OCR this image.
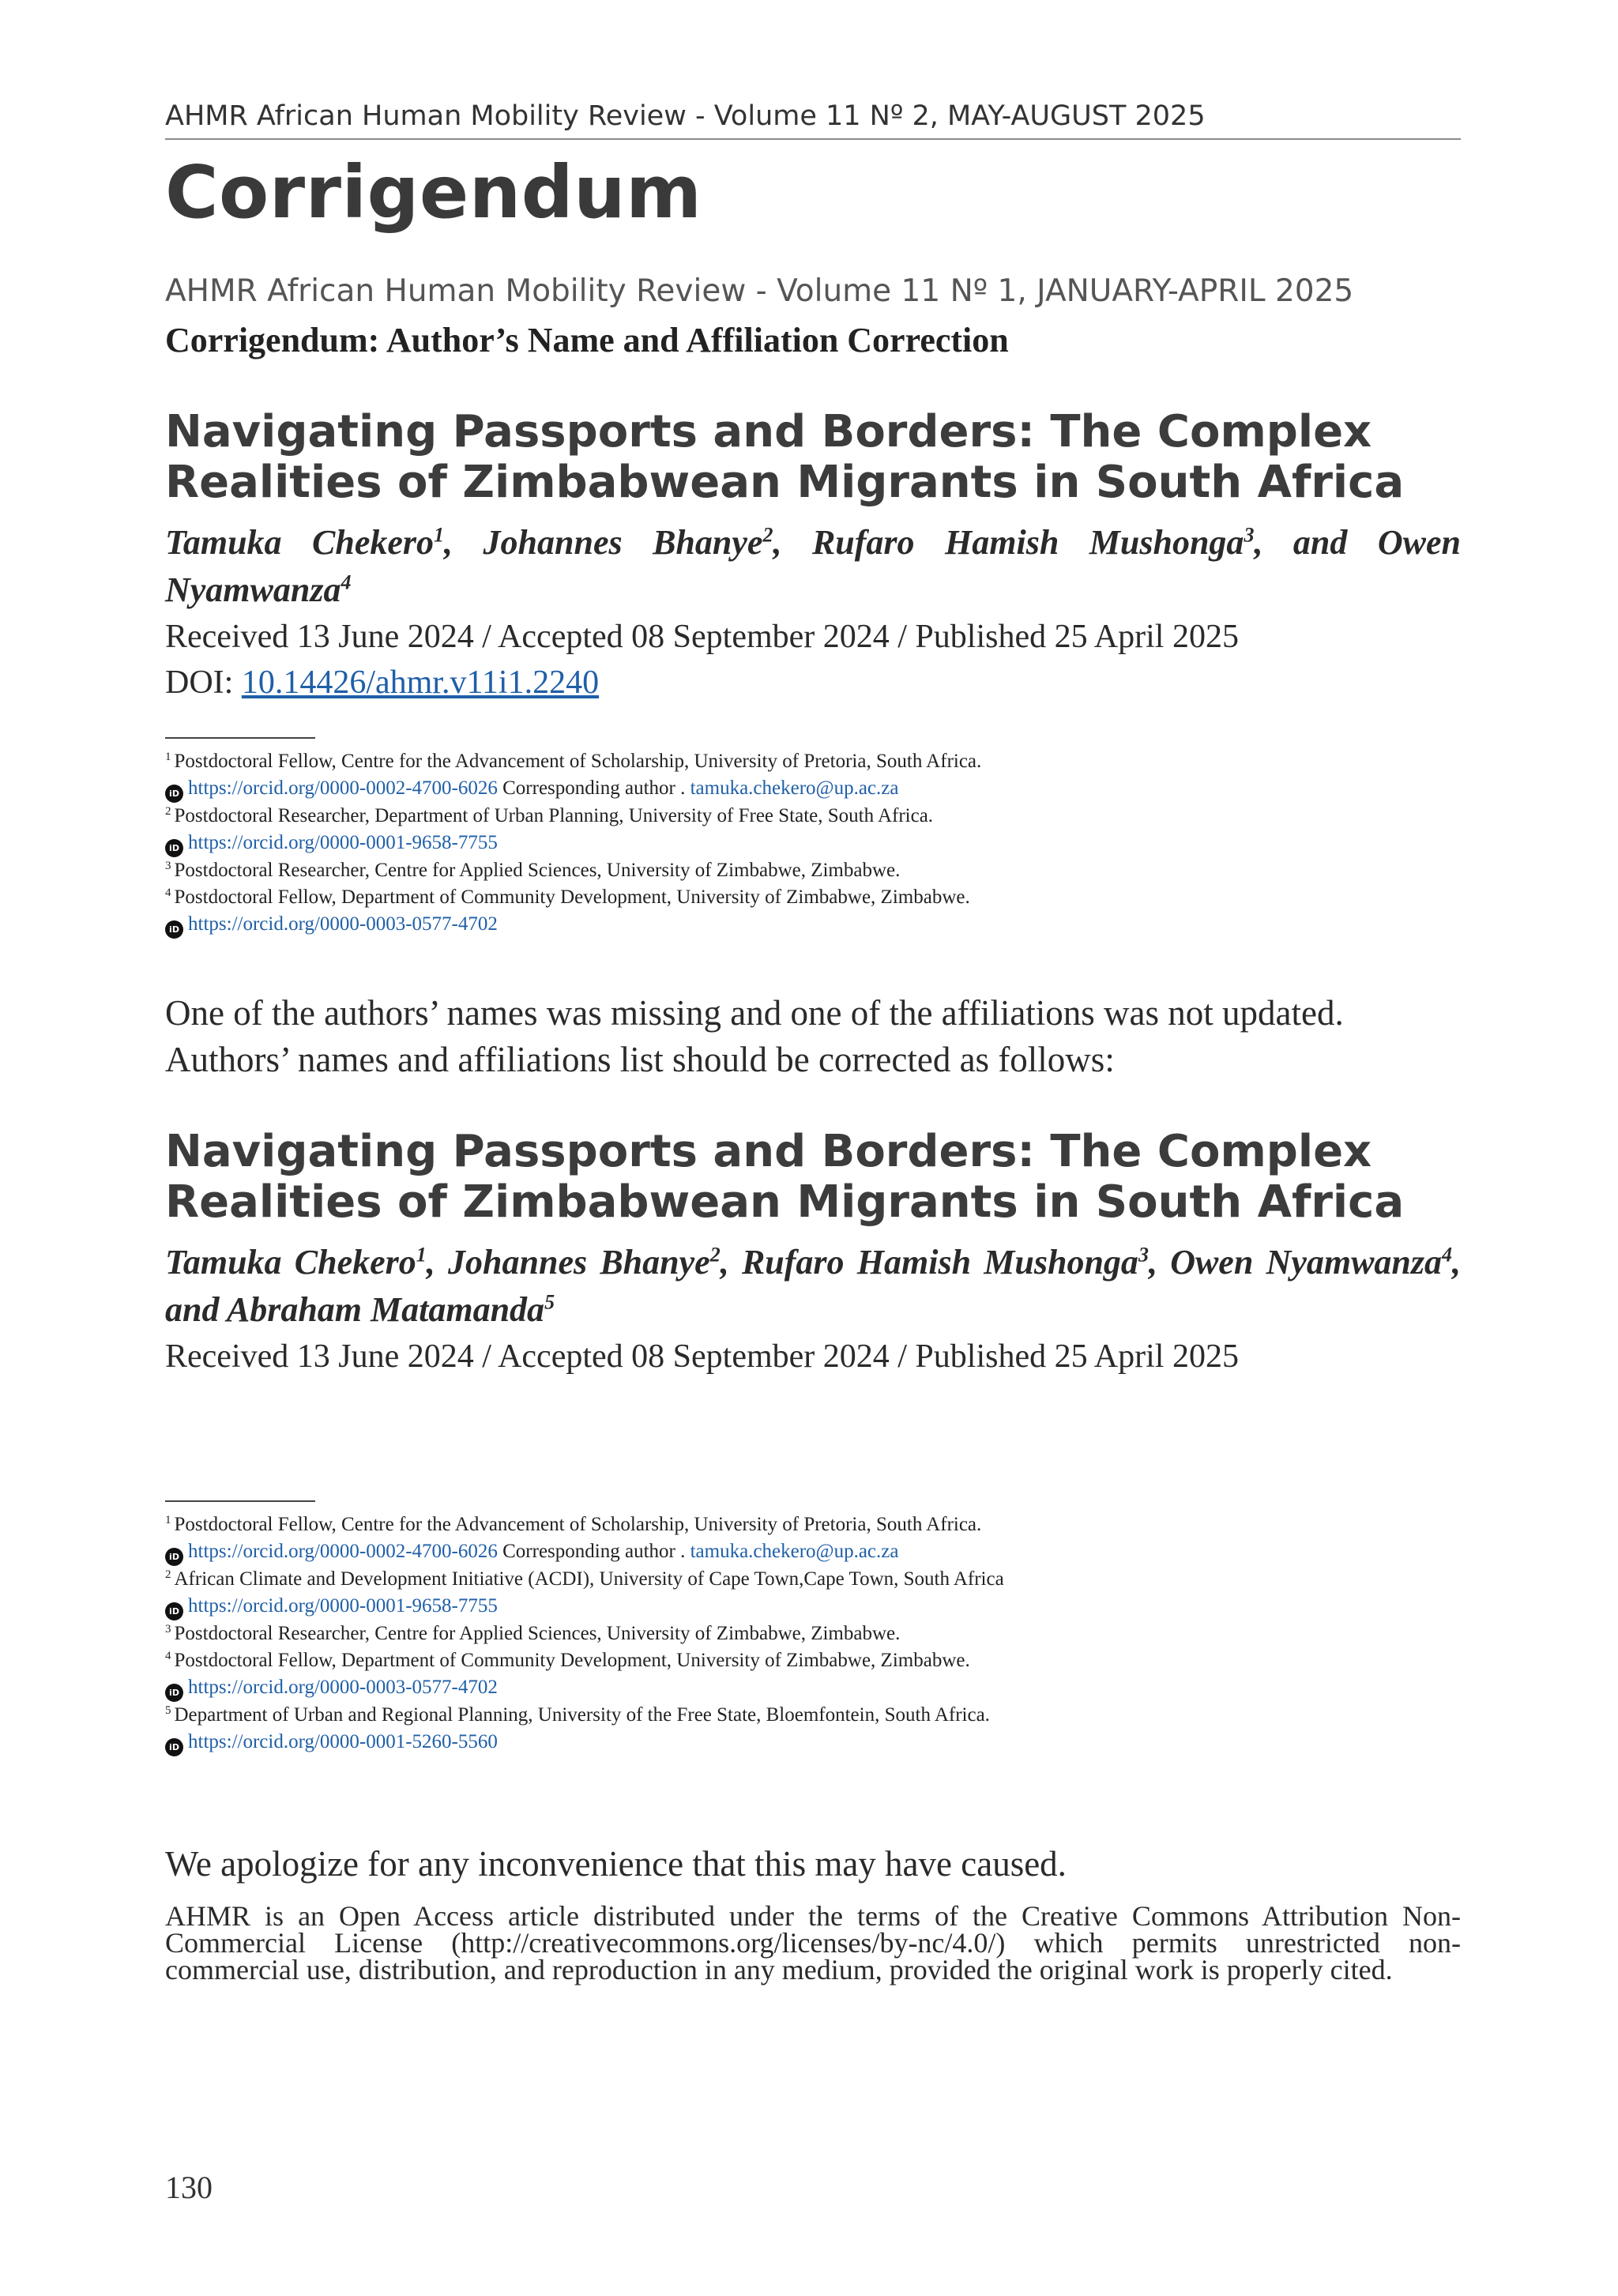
AHMR African Human Mobility Review - Volume 11 Nº 2, MAY-AUGUST 2025
Corrigendum
AHMR African Human Mobility Review - Volume 11 Nº 1, JANUARY-APRIL 2025
Corrigendum: Author’s Name and Affiliation Correction
Navigating Passports and Borders: The Complex
Realities of Zimbabwean Migrants in South Africa

Tamuka Chekero$^1$, Johannes Bhanye$^2$, Rufaro Hamish Mushonga$^3$, and Owen Nyamwanza$^4$

Received 13 June 2024 / Accepted 08 September 2024 / Published 25 April 2025

DOI: 10.14426/ahmr.v11i1.2240

$^1$ Postdoctoral Fellow, Centre for the Advancement of Scholarship, University of Pretoria, South Africa.
iD https://orcid.org/0000-0002-4700-6026 Corresponding author . tamuka.chekero@up.ac.za
$^2$ Postdoctoral Researcher, Department of Urban Planning, University of Free State, South Africa.
iD https://orcid.org/0000-0001-9658-7755
$^3$ Postdoctoral Researcher, Centre for Applied Sciences, University of Zimbabwe, Zimbabwe.
$^4$ Postdoctoral Fellow, Department of Community Development, University of Zimbabwe, Zimbabwe.
iD https://orcid.org/0000-0003-0577-4702

One of the authors’ names was missing and one of the affiliations was not updated.

Authors’ names and affiliations list should be corrected as follows:

Navigating Passports and Borders: The Complex
Realities of Zimbabwean Migrants in South Africa

Tamuka Chekero$^1$, Johannes Bhanye$^2$, Rufaro Hamish Mushonga$^3$, Owen Nyamwanza$^4$, and Abraham Matamanda$^5$

Received 13 June 2024 / Accepted 08 September 2024 / Published 25 April 2025

$^1$ Postdoctoral Fellow, Centre for the Advancement of Scholarship, University of Pretoria, South Africa.
iD https://orcid.org/0000-0002-4700-6026 Corresponding author . tamuka.chekero@up.ac.za
$^2$ African Climate and Development Initiative (ACDI), University of Cape Town,Cape Town, South Africa
iD https://orcid.org/0000-0001-9658-7755
$^3$ Postdoctoral Researcher, Centre for Applied Sciences, University of Zimbabwe, Zimbabwe.
$^4$ Postdoctoral Fellow, Department of Community Development, University of Zimbabwe, Zimbabwe.
iD https://orcid.org/0000-0003-0577-4702
$^5$ Department of Urban and Regional Planning, University of the Free State, Bloemfontein, South Africa.
iD https://orcid.org/0000-0001-5260-5560

We apologize for any inconvenience that this may have caused.

AHMR is an Open Access article distributed under the terms of the Creative Commons Attribution Non-Commercial License (http://creativecommons.org/licenses/by-nc/4.0/) which permits unrestricted non-commercial use, distribution, and reproduction in any medium, provided the original work is properly cited.

130
